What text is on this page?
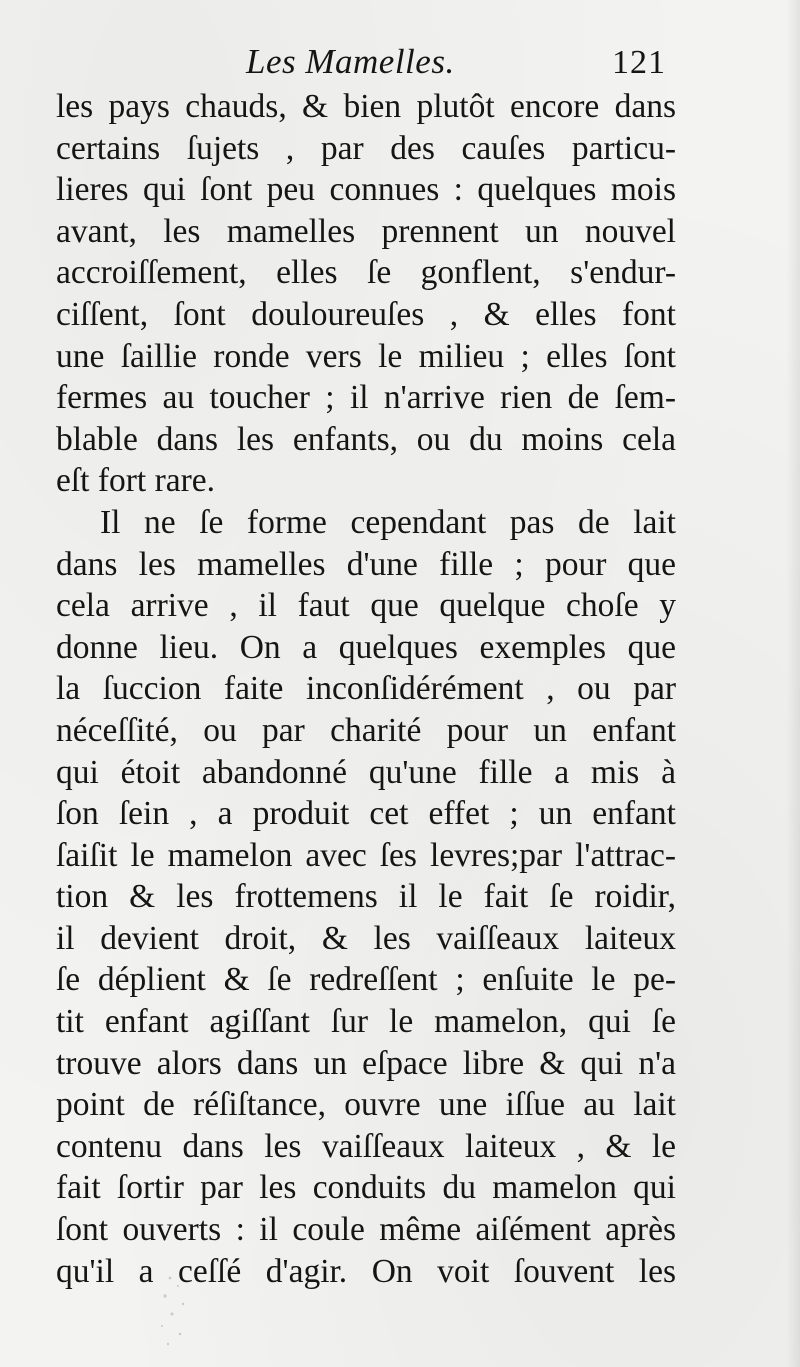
Les Mamelles.	121
les pays chauds, & bien plutôt encore dans
certains ſujets , par des cauſes particu-
lieres qui ſont peu connues : quelques mois
avant, les mamelles prennent un nouvel
accroiſſement, elles ſe gonflent, s'endur-
ciſſent, ſont douloureuſes , & elles font
une ſaillie ronde vers le milieu ; elles ſont
fermes au toucher ; il n'arrive rien de ſem-
blable dans les enfants, ou du moins cela
eſt fort rare.
Il ne ſe forme cependant pas de lait
dans les mamelles d'une fille ; pour que
cela arrive , il faut que quelque choſe y
donne lieu. On a quelques exemples que
la ſuccion faite inconſidérément , ou par
néceſſité, ou par charité pour un enfant
qui étoit abandonné qu'une fille a mis à
ſon ſein , a produit cet effet ; un enfant
ſaiſit le mamelon avec ſes levres;par l'attrac-
tion & les frottemens il le fait ſe roidir,
il devient droit, & les vaiſſeaux laiteux
ſe déplient & ſe redreſſent ; enſuite le pe-
tit enfant agiſſant ſur le mamelon, qui ſe
trouve alors dans un eſpace libre & qui n'a
point de réſiſtance, ouvre une iſſue au lait
contenu dans les vaiſſeaux laiteux , & le
fait ſortir par les conduits du mamelon qui
ſont ouverts : il coule même aiſément après
qu'il a ceſſé d'agir. On voit ſouvent les
